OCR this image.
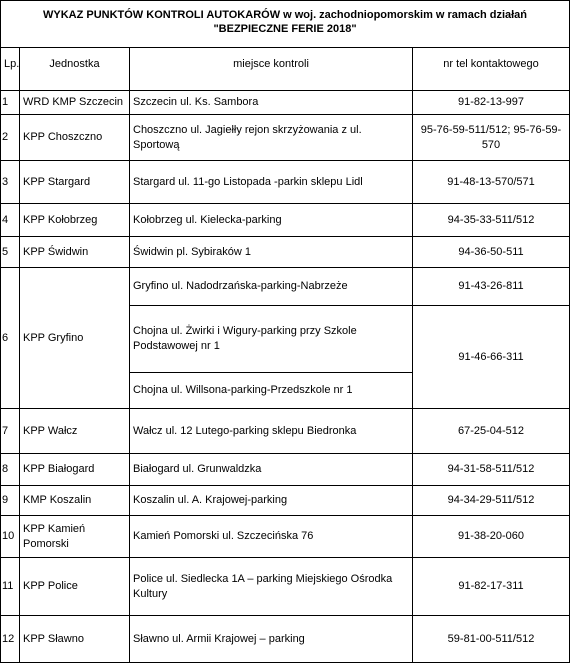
WYKAZ PUNKTÓW KONTROLI AUTOKARÓW w woj. zachodniopomorskim w ramach działań
"BEZPIECZNE FERIE 2018"
Lp.	Jednostka	miejsce kontroli	nr tel kontaktowego
1	WRD KMP Szczecin	Szczecin ul. Ks. Sambora	91-82-13-997
2	KPP Choszczno	Choszczno ul. Jagiełły rejon skrzyżowania z ul. Sportową	95-76-59-511/512; 95-76-59-570
3	KPP Stargard	Stargard ul. 11-go Listopada -parkin sklepu Lidl	91-48-13-570/571
4	KPP Kołobrzeg	Kołobrzeg ul. Kielecka-parking	94-35-33-511/512
5	KPP Świdwin	Świdwin pl. Sybiraków 1	94-36-50-511
6	KPP Gryfino	Gryfino ul. Nadodrzańska-parking-Nabrzeże	91-43-26-811
		Chojna ul. Żwirki i Wigury-parking przy Szkole Podstawowej nr 1	91-46-66-311
		Chojna ul. Willsona-parking-Przedszkole nr 1	
7	KPP Wałcz	Wałcz ul. 12 Lutego-parking sklepu Biedronka	67-25-04-512
8	KPP Białogard	Białogard ul. Grunwaldzka	94-31-58-511/512
9	KMP Koszalin	Koszalin ul. A. Krajowej-parking	94-34-29-511/512
10	KPP Kamień Pomorski	Kamień Pomorski ul. Szczecińska 76	91-38-20-060
11	KPP Police	Police ul. Siedlecka 1A – parking Miejskiego Ośrodka Kultury	91-82-17-311
12	KPP Sławno	Sławno ul. Armii Krajowej – parking	59-81-00-511/512
